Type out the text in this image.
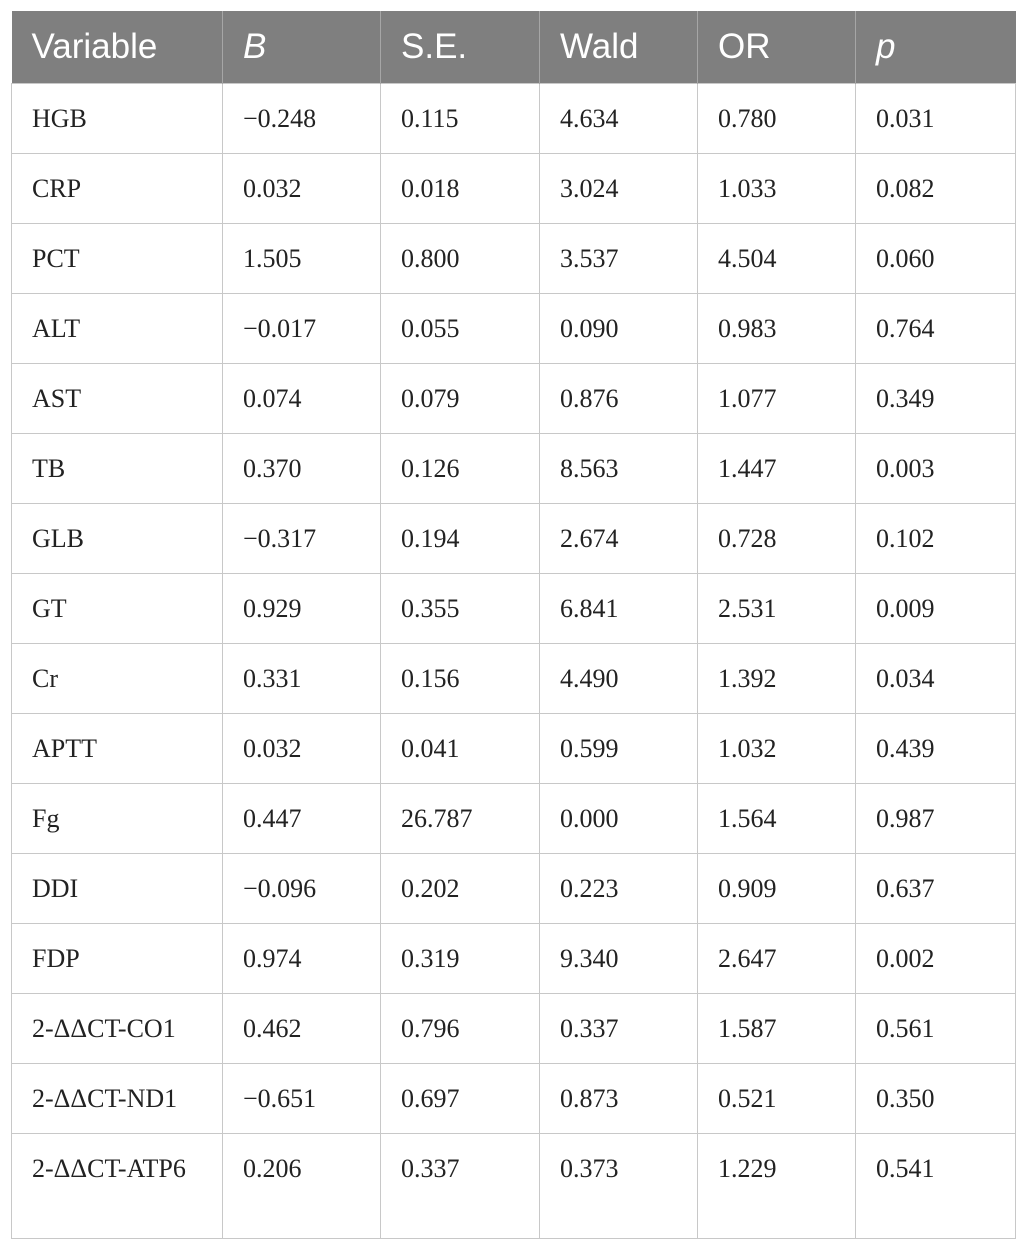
Variable	B	S.E.	Wald	OR	p
HGB	−0.248	0.115	4.634	0.780	0.031
CRP	0.032	0.018	3.024	1.033	0.082
PCT	1.505	0.800	3.537	4.504	0.060
ALT	−0.017	0.055	0.090	0.983	0.764
AST	0.074	0.079	0.876	1.077	0.349
TB	0.370	0.126	8.563	1.447	0.003
GLB	−0.317	0.194	2.674	0.728	0.102
GT	0.929	0.355	6.841	2.531	0.009
Cr	0.331	0.156	4.490	1.392	0.034
APTT	0.032	0.041	0.599	1.032	0.439
Fg	0.447	26.787	0.000	1.564	0.987
DDI	−0.096	0.202	0.223	0.909	0.637
FDP	0.974	0.319	9.340	2.647	0.002
2-ΔΔCT-CO1	0.462	0.796	0.337	1.587	0.561
2-ΔΔCT-ND1	−0.651	0.697	0.873	0.521	0.350
2-ΔΔCT-ATP6	0.206	0.337	0.373	1.229	0.541
